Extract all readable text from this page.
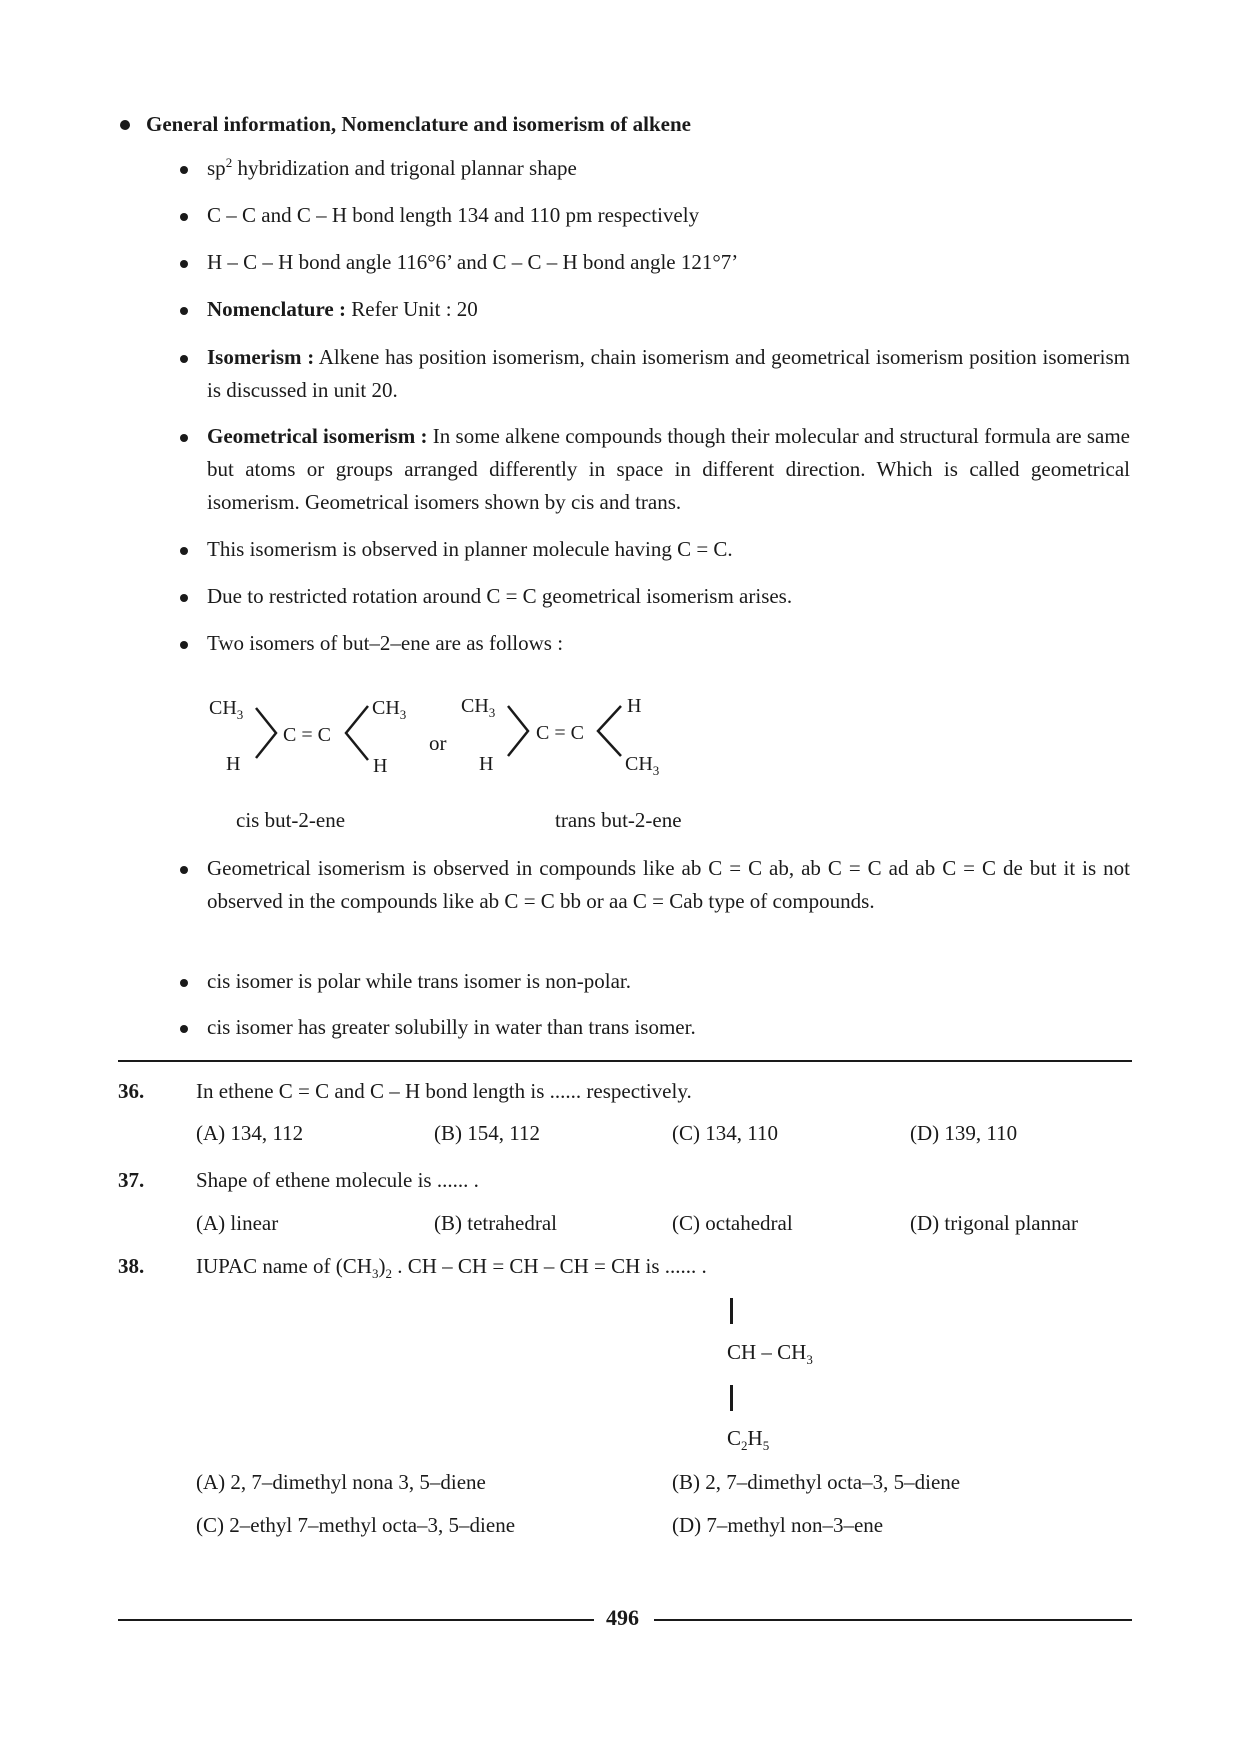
General information, Nomenclature and isomerism of alkene
$sp^2$ hybridization and trigonal plannar shape
C – C and C – H bond length 134 and 110 pm respectively
H – C – H bond angle 116°6’ and C – C – H bond angle 121°7’
Nomenclature : Refer Unit : 20
Isomerism : Alkene has position isomerism, chain isomerism and geometrical isomerism position isomerism is discussed in unit 20.
Geometrical isomerism : In some alkene compounds though their molecular and structural formula are same but atoms or groups arranged differently in space in different direction. Which is called geometrical isomerism. Geometrical isomers shown by cis and trans.
This isomerism is observed in planner molecule having C = C.
Due to restricted rotation around C = C geometrical isomerism arises.
Two isomers of but–2–ene are as follows :
$CH_3$
H
C = C
$CH_3$
H
or
$CH_3$
H
C = C
H
$CH_3$
cis but-2-ene	trans but-2-ene
Geometrical isomerism is observed in compounds like ab C = C ab, ab C = C ad ab C = C de but it is not observed in the compounds like ab C = C bb or aa C = Cab type of compounds.
cis isomer is polar while trans isomer is non-polar.
cis isomer has greater solubilly in water than trans isomer.
36. In ethene C = C and C – H bond length is ...... respectively.
(A) 134, 112	(B) 154, 112	(C) 134, 110	(D) 139, 110
37. Shape of ethene molecule is ...... .
(A) linear	(B) tetrahedral	(C) octahedral	(D) trigonal plannar
38. IUPAC name of $(CH_3)_2$ . CH – CH = CH – CH = CH is ...... .
CH – $CH_3$
$C_2H_5$
(A) 2, 7–dimethyl nona 3, 5–diene	(B) 2, 7–dimethyl octa–3, 5–diene
(C) 2–ethyl 7–methyl octa–3, 5–diene	(D) 7–methyl non–3–ene
496
